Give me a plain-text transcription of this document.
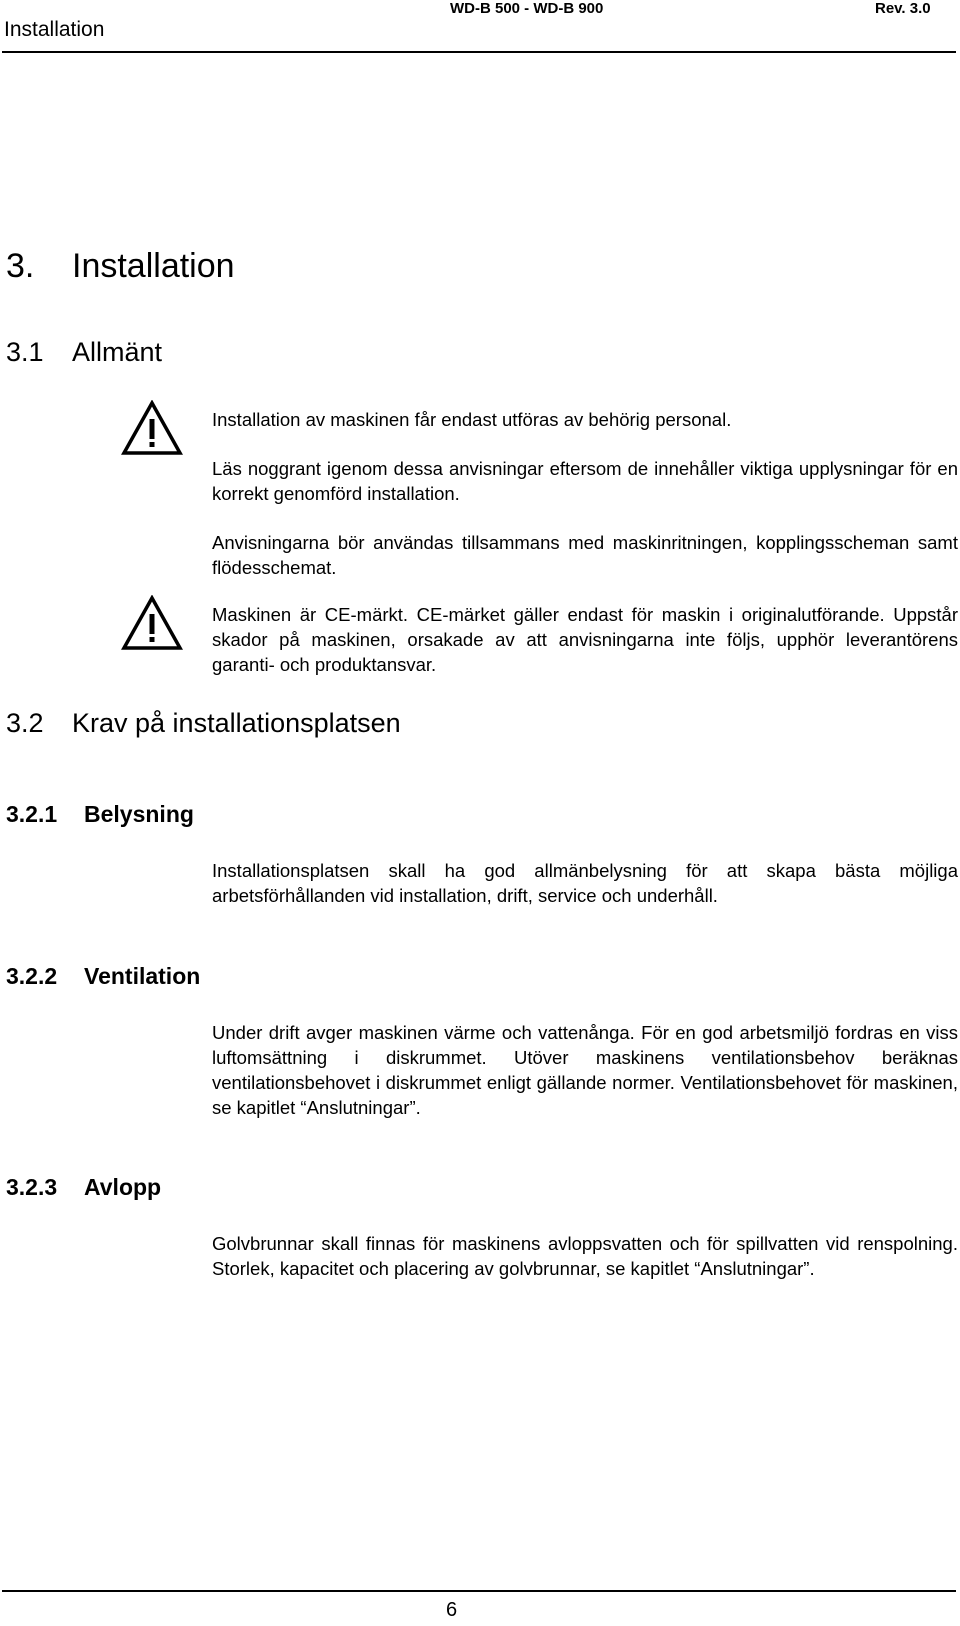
Installation
WD-B 500 - WD-B 900	Rev. 3.0
3. Installation
3.1 Allmänt
Installation av maskinen får endast utföras av behörig personal.
Läs noggrant igenom dessa anvisningar eftersom de innehåller viktiga upplysningar för en korrekt genomförd installation.
Anvisningarna bör användas tillsammans med maskinritningen, kopplingsscheman samt flödesschemat.
Maskinen är CE-märkt. CE-märket gäller endast för maskin i originalutförande. Uppstår skador på maskinen, orsakade av att anvisningarna inte följs, upphör leverantörens garanti- och produktansvar.
3.2 Krav på installationsplatsen
3.2.1 Belysning
Installationsplatsen skall ha god allmänbelysning för att skapa bästa möjliga arbetsförhållanden vid installation, drift, service och underhåll.
3.2.2 Ventilation
Under drift avger maskinen värme och vattenånga. För en god arbetsmiljö fordras en viss luftomsättning i diskrummet. Utöver maskinens ventilationsbehov beräknas ventilationsbehovet i diskrummet enligt gällande normer. Ventilationsbehovet för maskinen, se kapitlet “Anslutningar”.
3.2.3 Avlopp
Golvbrunnar skall finnas för maskinens avloppsvatten och för spillvatten vid renspolning. Storlek, kapacitet och placering av golvbrunnar, se kapitlet “Anslutningar”.
6
